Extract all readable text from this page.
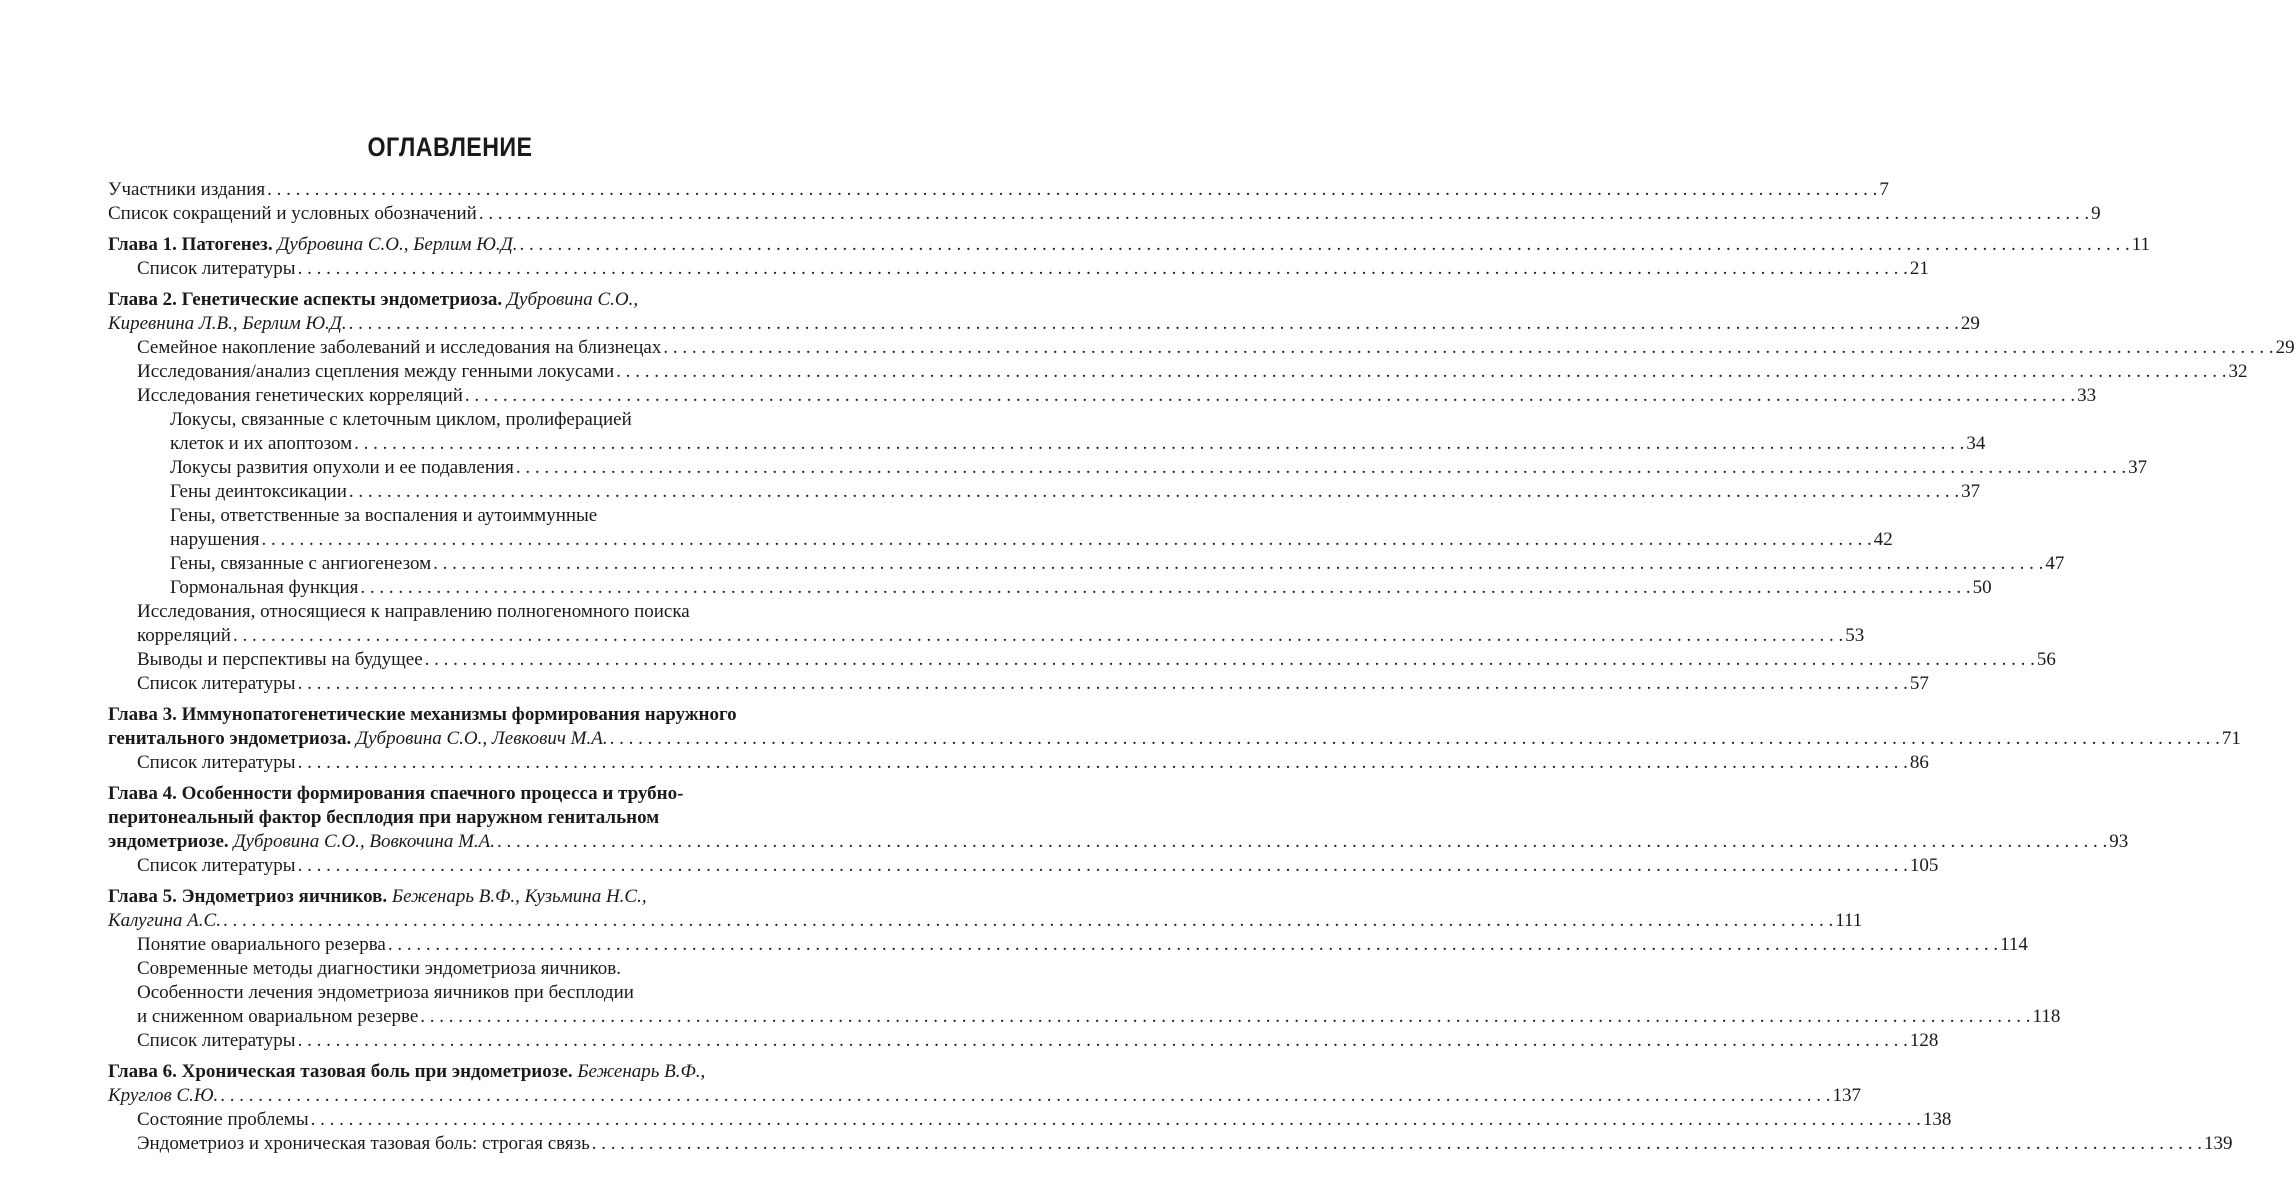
ОГЛАВЛЕНИЕ
Участники издания . . .	7
Список сокращений и условных обозначений . . .	9
Глава 1. Патогенез. Дубровина С.О., Берлим Ю.Д. . . .	11
Список литературы . . .	21
Глава 2. Генетические аспекты эндометриоза. Дубровина С.О.,
Киревнина Л.В., Берлим Ю.Д. . . .	29
Семейное накопление заболеваний и исследования на близнецах . . .	29
Исследования/анализ сцепления между генными локусами . . .	32
Исследования генетических корреляций . . .	33
Локусы, связанные с клеточным циклом, пролиферацией
клеток и их апоптозом . . .	34
Локусы развития опухоли и ее подавления . . .	37
Гены деинтоксикации . . .	37
Гены, ответственные за воспаления и аутоиммунные
нарушения . . .	42
Гены, связанные с ангиогенезом . . .	47
Гормональная функция . . .	50
Исследования, относящиеся к направлению полногеномного поиска
корреляций . . .	53
Выводы и перспективы на будущее . . .	56
Список литературы . . .	57
Глава 3. Иммунопатогенетические механизмы формирования наружного
генитального эндометриоза. Дубровина С.О., Левкович М.А. . . .	71
Список литературы . . .	86
Глава 4. Особенности формирования спаечного процесса и трубно-
перитонеальный фактор бесплодия при наружном генитальном
эндометриозе. Дубровина С.О., Вовкочина М.А. . . .	93
Список литературы . . .	105
Глава 5. Эндометриоз яичников. Беженарь В.Ф., Кузьмина Н.С.,
Калугина А.С. . . .	111
Понятие овариального резерва . . .	114
Современные методы диагностики эндометриоза яичников.
Особенности лечения эндометриоза яичников при бесплодии
и сниженном овариальном резерве . . .	118
Список литературы . . .	128
Глава 6. Хроническая тазовая боль при эндометриозе. Беженарь В.Ф.,
Круглов С.Ю. . . .	137
Состояние проблемы . . .	138
Эндометриоз и хроническая тазовая боль: строгая связь . . .	139
